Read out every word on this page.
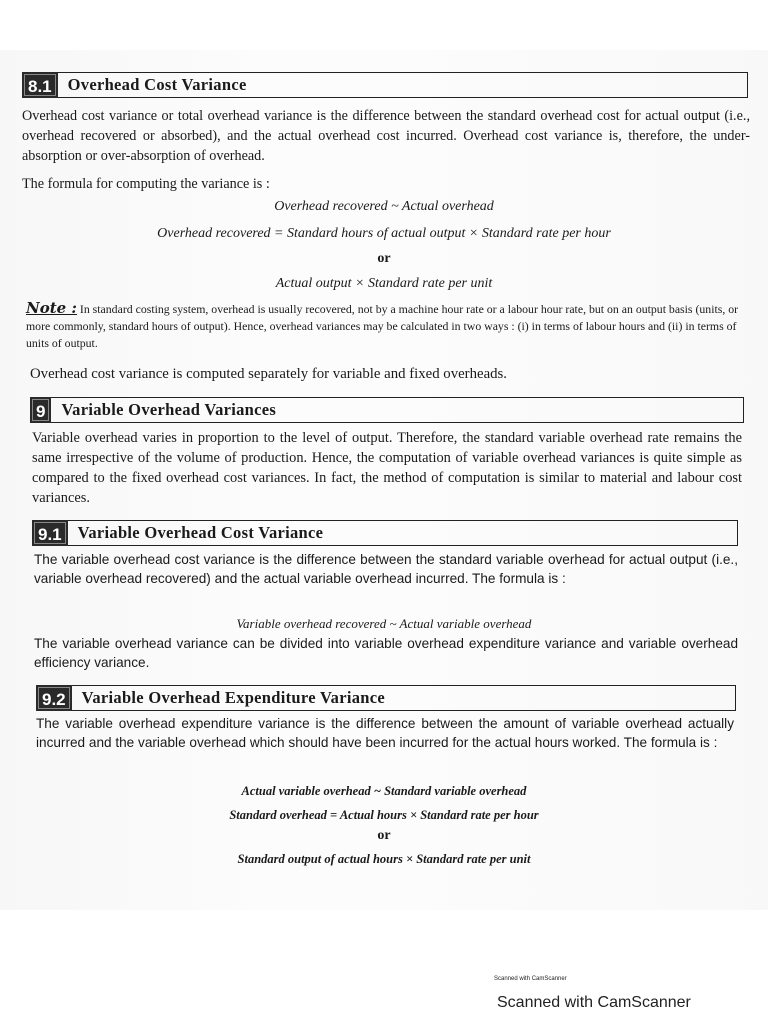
8.1 Overhead Cost Variance
Overhead cost variance or total overhead variance is the difference between the standard overhead cost for actual output (i.e., overhead recovered or absorbed), and the actual overhead cost incurred. Overhead cost variance is, therefore, the under-absorption or over-absorption of overhead.
The formula for computing the variance is :
Overhead recovered ~ Actual overhead
Overhead recovered = Standard hours of actual output × Standard rate per hour
or
Actual output × Standard rate per unit
Note : In standard costing system, overhead is usually recovered, not by a machine hour rate or a labour hour rate, but on an output basis (units, or more commonly, standard hours of output). Hence, overhead variances may be calculated in two ways : (i) in terms of labour hours and (ii) in terms of units of output.
Overhead cost variance is computed separately for variable and fixed overheads.
9 Variable Overhead Variances
Variable overhead varies in proportion to the level of output. Therefore, the standard variable overhead rate remains the same irrespective of the volume of production. Hence, the computation of variable overhead variances is quite simple as compared to the fixed overhead cost variances. In fact, the method of computation is similar to material and labour cost variances.
9.1 Variable Overhead Cost Variance
The variable overhead cost variance is the difference between the standard variable overhead for actual output (i.e., variable overhead recovered) and the actual variable overhead incurred. The formula is :
Variable overhead recovered ~ Actual variable overhead
The variable overhead variance can be divided into variable overhead expenditure variance and variable overhead efficiency variance.
9.2 Variable Overhead Expenditure Variance
The variable overhead expenditure variance is the difference between the amount of variable overhead actually incurred and the variable overhead which should have been incurred for the actual hours worked. The formula is :
Actual variable overhead ~ Standard variable overhead
Standard overhead = Actual hours × Standard rate per hour
or
Standard output of actual hours × Standard rate per unit
Scanned with CamScanner
Scanned with CamScanner
